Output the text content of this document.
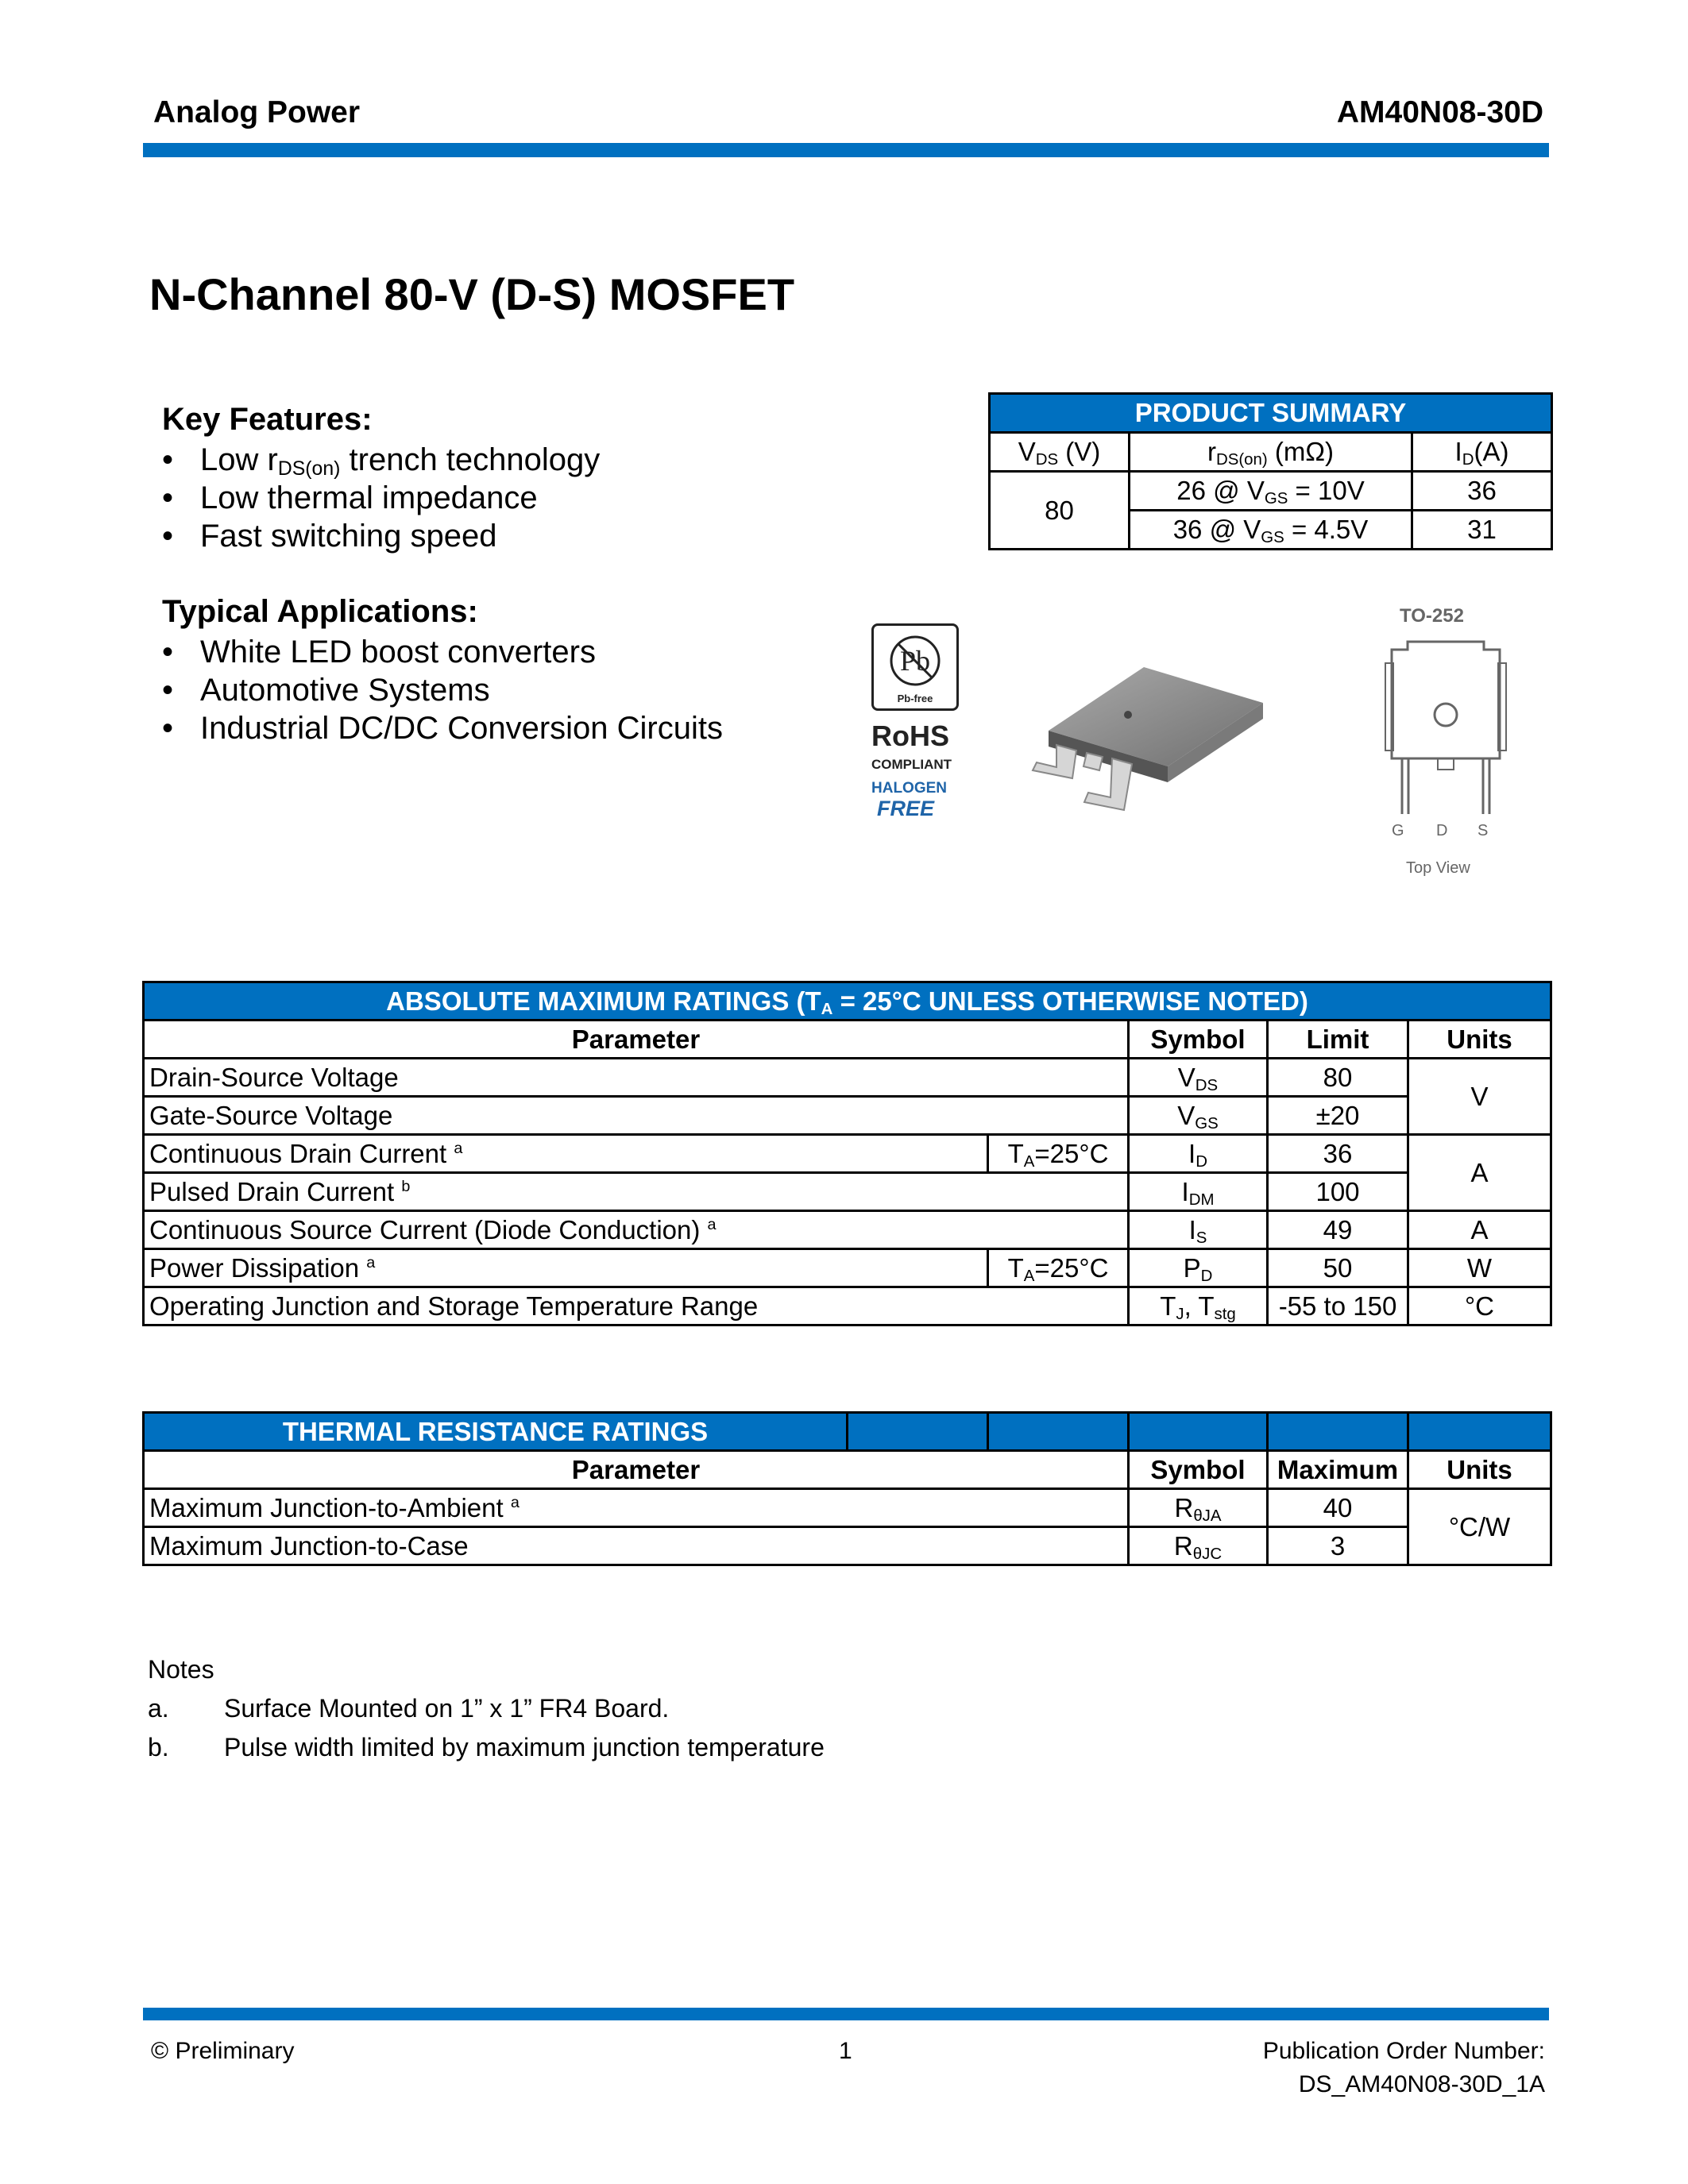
Analog Power	AM40N08-30D
N-Channel 80-V (D-S) MOSFET
Key Features:
• Low $r_{DS(on)}$ trench technology
• Low thermal impedance
• Fast switching speed
Typical Applications:
• White LED boost converters
• Automotive Systems
• Industrial DC/DC Conversion Circuits
PRODUCT SUMMARY		
$V_{DS}$ (V)	$r_{DS(on)}$ (mΩ)	$I_D(A)$
80	26 @ $V_{GS} = 10V$	36
	36 @ $V_{GS} = 4.5V$	31
Pb
Pb-free
RoHS
COMPLIANT
HALOGEN
FREE
TO-252
G D S
Top View
ABSOLUTE MAXIMUM RATINGS ($T_A = 25^\circ C$ UNLESS OTHERWISE NOTED)				
Parameter		Symbol	Limit	Units
Drain-Source Voltage		$V_{DS}$	80	V
Gate-Source Voltage		$V_{GS}$	±20	
Continuous Drain Current $^a$	$T_A=25^\circ C$	$I_D$	36	A
Pulsed Drain Current $^b$		$I_{DM}$	100	
Continuous Source Current (Diode Conduction) $^a$		$I_S$	49	A
Power Dissipation $^a$	$T_A=25^\circ C$	$P_D$	50	W
Operating Junction and Storage Temperature Range		$T_J$, $T_{stg}$	-55 to 150	°C
THERMAL RESISTANCE RATINGS					
Parameter			Symbol	Maximum	Units
Maximum Junction-to-Ambient $^a$			$R_{\theta JA}$	40	°C/W
Maximum Junction-to-Case			$R_{\theta JC}$	3	
Notes
a. Surface Mounted on 1” x 1” FR4 Board.
b. Pulse width limited by maximum junction temperature
© Preliminary	1	Publication Order Number:
DS_AM40N08-30D_1A
